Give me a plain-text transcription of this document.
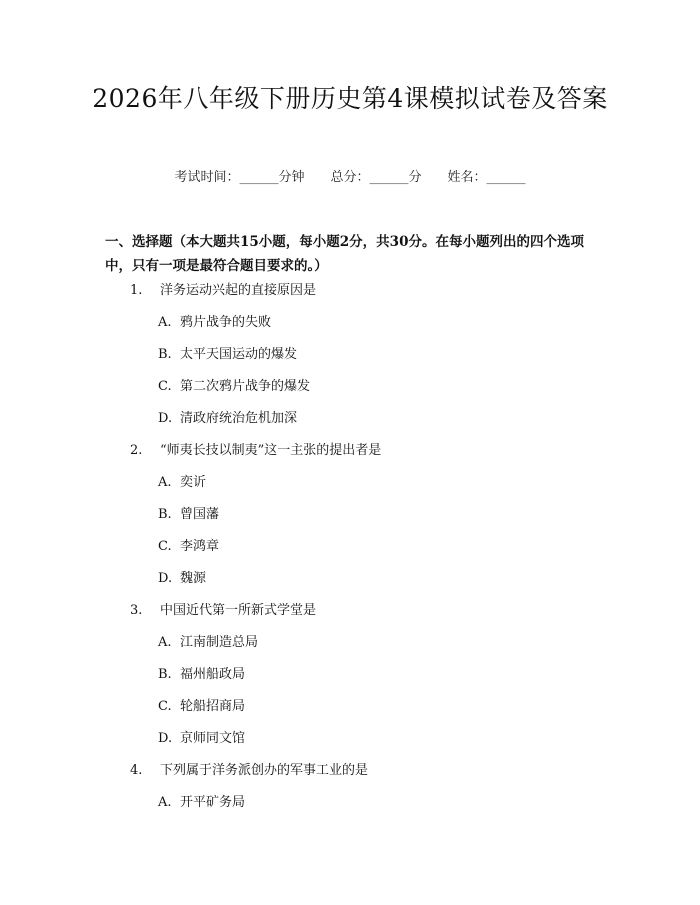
2026年八年级下册历史第4课模拟试卷及答案
考试时间：______分钟 总分：______分 姓名：______
一、选择题（本大题共15小题，每小题2分，共30分。在每小题列出的四个选项中，只有一项是最符合题目要求的。）
1. 洋务运动兴起的直接原因是
A. 鸦片战争的失败
B. 太平天国运动的爆发
C. 第二次鸦片战争的爆发
D. 清政府统治危机加深
2. “师夷长技以制夷”这一主张的提出者是
A. 奕䜣
B. 曾国藩
C. 李鸿章
D. 魏源
3. 中国近代第一所新式学堂是
A. 江南制造总局
B. 福州船政局
C. 轮船招商局
D. 京师同文馆
4. 下列属于洋务派创办的军事工业的是
A. 开平矿务局
